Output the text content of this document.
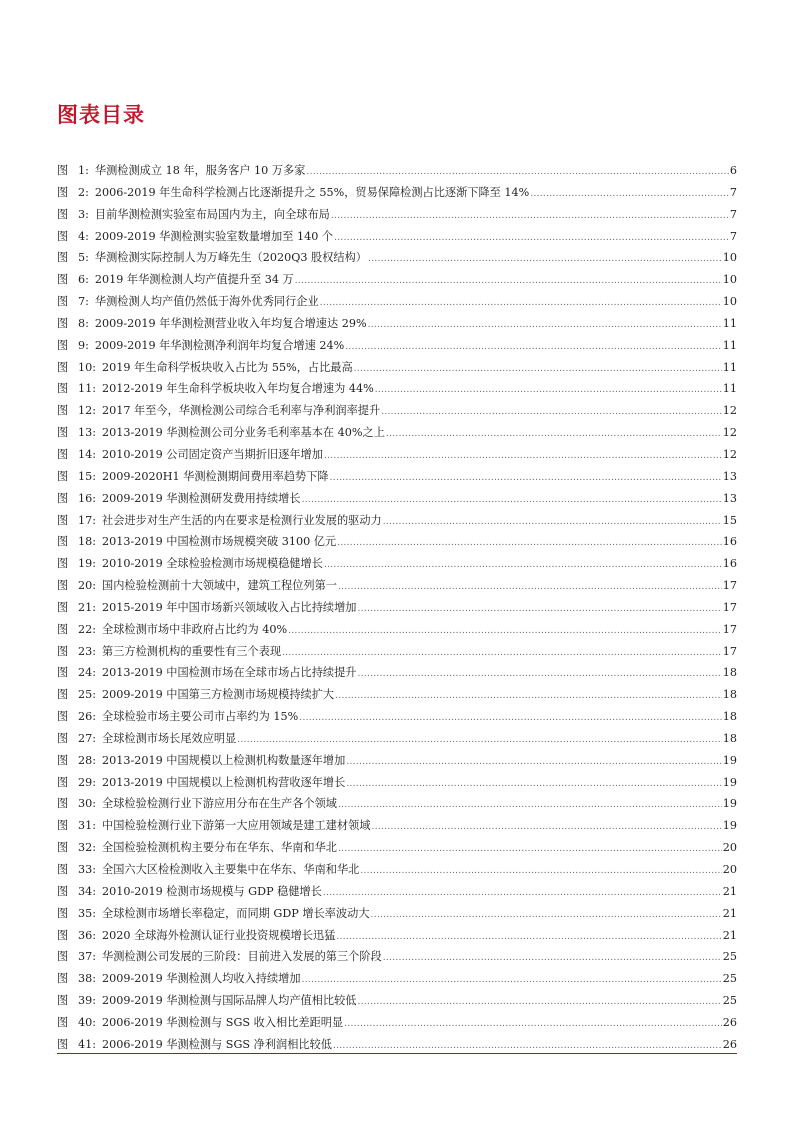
图表目录
图 1 : 华测检测成立 18 年，服务客户 10 万多家 .....	6
图 2 : 2006-2019 年生命科学检测占比逐渐提升之 55%，贸易保障检测占比逐渐下降至 14% .....	7
图 3 : 目前华测检测实验室布局国内为主，向全球布局 .....	7
图 4 : 2009-2019 华测检测实验室数量增加至 140 个 .....	7
图 5 : 华测检测实际控制人为万峰先生（2020Q3 股权结构） .....	10
图 6 : 2019 年华测检测人均产值提升至 34 万 .....	10
图 7 : 华测检测人均产值仍然低于海外优秀同行企业 .....	10
图 8 : 2009-2019 年华测检测营业收入年均复合增速达 29% .....	11
图 9 : 2009-2019 年华测检测净利润年均复合增速 24% .....	11
图 10 : 2019 年生命科学板块收入占比为 55%，占比最高 .....	11
图 11 : 2012-2019 年生命科学板块收入年均复合增速为 44% .....	11
图 12 : 2017 年至今，华测检测公司综合毛利率与净利润率提升 .....	12
图 13 : 2013-2019 华测检测公司分业务毛利率基本在 40%之上 .....	12
图 14 : 2010-2019 公司固定资产当期折旧逐年增加 .....	12
图 15 : 2009-2020H1 华测检测期间费用率趋势下降 .....	13
图 16 : 2009-2019 华测检测研发费用持续增长 .....	13
图 17 : 社会进步对生产生活的内在要求是检测行业发展的驱动力 .....	15
图 18 : 2013-2019 中国检测市场规模突破 3100 亿元 .....	16
图 19 : 2010-2019 全球检验检测市场规模稳健增长 .....	16
图 20 : 国内检验检测前十大领域中，建筑工程位列第一 .....	17
图 21 : 2015-2019 年中国市场新兴领域收入占比持续增加 .....	17
图 22 : 全球检测市场中非政府占比约为 40% .....	17
图 23 : 第三方检测机构的重要性有三个表现 .....	17
图 24 : 2013-2019 中国检测市场在全球市场占比持续提升 .....	18
图 25 : 2009-2019 中国第三方检测市场规模持续扩大 .....	18
图 26 : 全球检验市场主要公司市占率约为 15% .....	18
图 27 : 全球检测市场长尾效应明显 .....	18
图 28 : 2013-2019 中国规模以上检测机构数量逐年增加 .....	19
图 29 : 2013-2019 中国规模以上检测机构营收逐年增长 .....	19
图 30 : 全球检验检测行业下游应用分布在生产各个领域 .....	19
图 31 : 中国检验检测行业下游第一大应用领域是建工建材领域 .....	19
图 32 : 全国检验检测机构主要分布在华东、华南和华北 .....	20
图 33 : 全国六大区检检测收入主要集中在华东、华南和华北 .....	20
图 34 : 2010-2019 检测市场规模与 GDP 稳健增长 .....	21
图 35 : 全球检测市场增长率稳定，而同期 GDP 增长率波动大 .....	21
图 36 : 2020 全球海外检测认证行业投资规模增长迅猛 .....	21
图 37 : 华测检测公司发展的三阶段：目前进入发展的第三个阶段 .....	25
图 38 : 2009-2019 华测检测人均收入持续增加 .....	25
图 39 : 2009-2019 华测检测与国际品牌人均产值相比较低 .....	25
图 40 : 2006-2019 华测检测与 SGS 收入相比差距明显 .....	26
图 41 : 2006-2019 华测检测与 SGS 净利润相比较低 .....	26
